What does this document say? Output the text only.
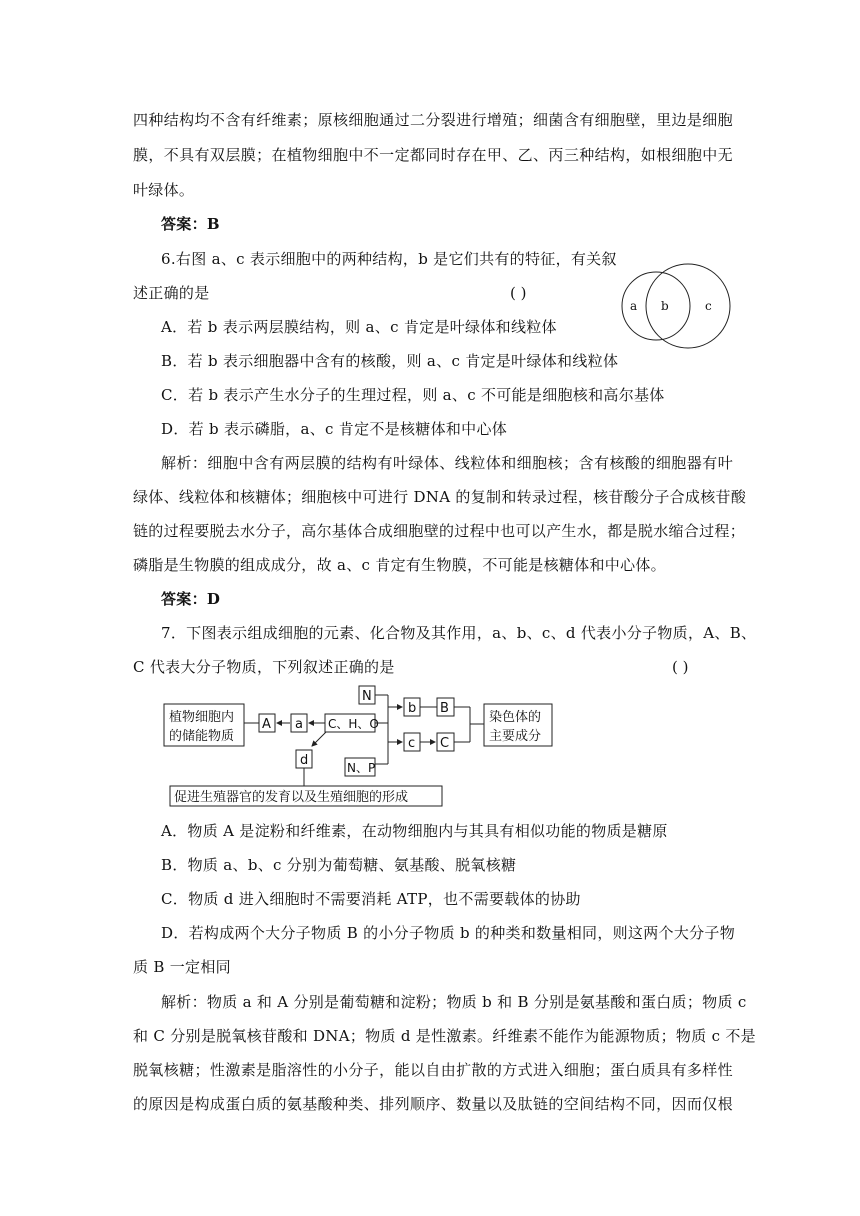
四种结构均不含有纤维素；原核细胞通过二分裂进行增殖；细菌含有细胞壁，里边是细胞
膜，不具有双层膜；在植物细胞中不一定都同时存在甲、乙、丙三种结构，如根细胞中无
叶绿体。
答案：B
6.右图 a、c 表示细胞中的两种结构，b 是它们共有的特征，有关叙
述正确的是	( )
a b	c
A．若 b 表示两层膜结构，则 a、c 肯定是叶绿体和线粒体
B．若 b 表示细胞器中含有的核酸，则 a、c 肯定是叶绿体和线粒体
C．若 b 表示产生水分子的生理过程，则 a、c 不可能是细胞核和高尔基体
D．若 b 表示磷脂，a、c 肯定不是核糖体和中心体
解析：细胞中含有两层膜的结构有叶绿体、线粒体和细胞核；含有核酸的细胞器有叶
绿体、线粒体和核糖体；细胞核中可进行 DNA 的复制和转录过程，核苷酸分子合成核苷酸
链的过程要脱去水分子，高尔基体合成细胞壁的过程中也可以产生水，都是脱水缩合过程；
磷脂是生物膜的组成成分，故 a、c 肯定有生物膜，不可能是核糖体和中心体。
答案：D
7．下图表示组成细胞的元素、化合物及其作用，a、b、c、d 代表小分子物质，A、B、
C 代表大分子物质，下列叙述正确的是	( )
植物细胞内
的储能物质
A a C、H、O
N
b B
N、P
c C
染色体的
主要成分
d
促进生殖器官的发育以及生殖细胞的形成
A．物质 A 是淀粉和纤维素，在动物细胞内与其具有相似功能的物质是糖原
B．物质 a、b、c 分别为葡萄糖、氨基酸、脱氧核糖
C．物质 d 进入细胞时不需要消耗 ATP，也不需要载体的协助
D．若构成两个大分子物质 B 的小分子物质 b 的种类和数量相同，则这两个大分子物
质 B 一定相同
解析：物质 a 和 A 分别是葡萄糖和淀粉；物质 b 和 B 分别是氨基酸和蛋白质；物质 c
和 C 分别是脱氧核苷酸和 DNA；物质 d 是性激素。纤维素不能作为能源物质；物质 c 不是
脱氧核糖；性激素是脂溶性的小分子，能以自由扩散的方式进入细胞；蛋白质具有多样性
的原因是构成蛋白质的氨基酸种类、排列顺序、数量以及肽链的空间结构不同，因而仅根
